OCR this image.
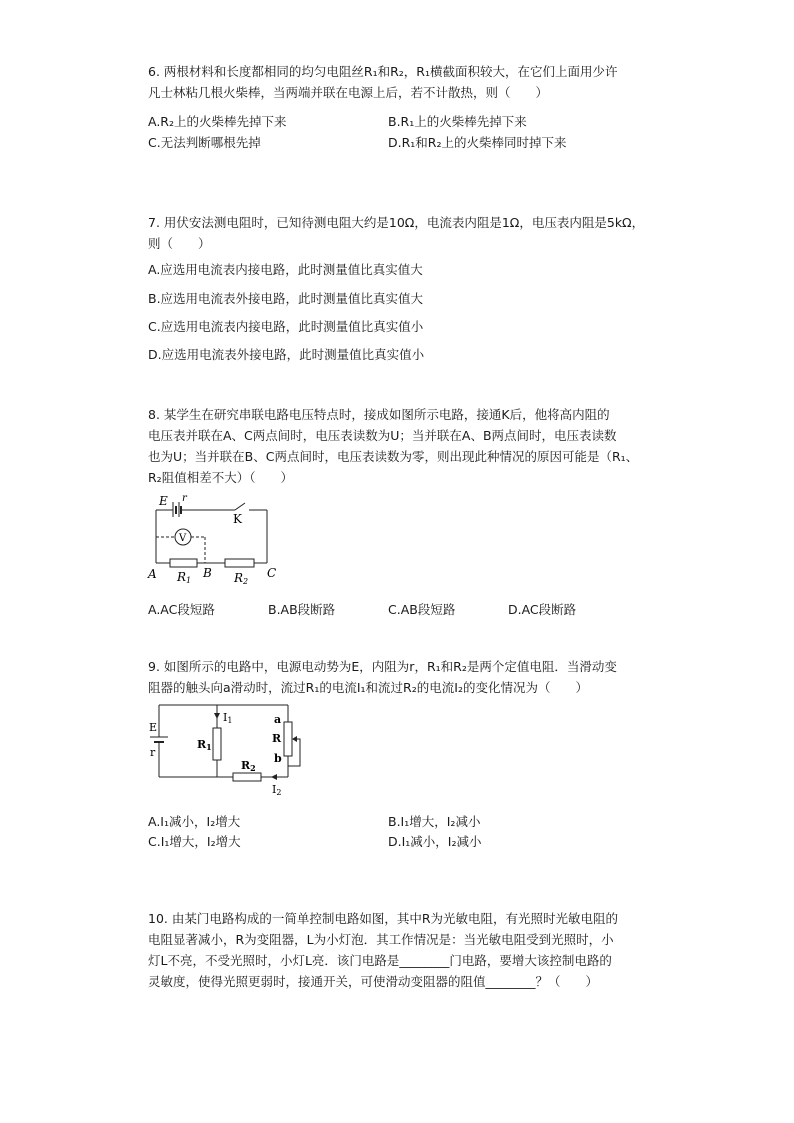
6. 两根材料和长度都相同的均匀电阻丝R₁和R₂，R₁横截面积较大，在它们上面用少许
凡士林粘几根火柴棒，当两端并联在电源上后，若不计散热，则（　　）
A.R₂上的火柴棒先掉下来	B.R₁上的火柴棒先掉下来
C.无法判断哪根先掉	D.R₁和R₂上的火柴棒同时掉下来
7. 用伏安法测电阻时，已知待测电阻大约是10Ω，电流表内阻是1Ω，电压表内阻是5kΩ，
则（　　）
A.应选用电流表内接电路，此时测量值比真实值大
B.应选用电流表外接电路，此时测量值比真实值大
C.应选用电流表内接电路，此时测量值比真实值小
D.应选用电流表外接电路，此时测量值比真实值小
8. 某学生在研究串联电路电压特点时，接成如图所示电路，接通K后，他将高内阻的
电压表并联在A、C两点间时，电压表读数为U；当并联在A、B两点间时，电压表读数
也为U；当并联在B、C两点间时，电压表读数为零，则出现此种情况的原因可能是（R₁、
R₂阻值相差不大）（　　）
V
E r
K
A R1
B R2
C
A.AC段短路	B.AB段断路	C.AB段短路	D.AC段断路
9. 如图所示的电路中，电源电动势为E，内阻为r，R₁和R₂是两个定值电阻．当滑动变
阻器的触头向a滑动时，流过R₁的电流I₁和流过R₂的电流I₂的变化情况为（　　）
E
r
I1
R1
a
R
b
R2
I2
A.I₁减小，I₂增大	B.I₁增大，I₂减小
C.I₁增大，I₂增大	D.I₁减小，I₂减小
10. 由某门电路构成的一简单控制电路如图，其中R为光敏电阻，有光照时光敏电阻的
电阻显著减小，R为变阻器，L为小灯泡．其工作情况是：当光敏电阻受到光照时，小
灯L不亮，不受光照时，小灯L亮．该门电路是________门电路，要增大该控制电路的
灵敏度，使得光照更弱时，接通开关，可使滑动变阻器的阻值________？（　　）
